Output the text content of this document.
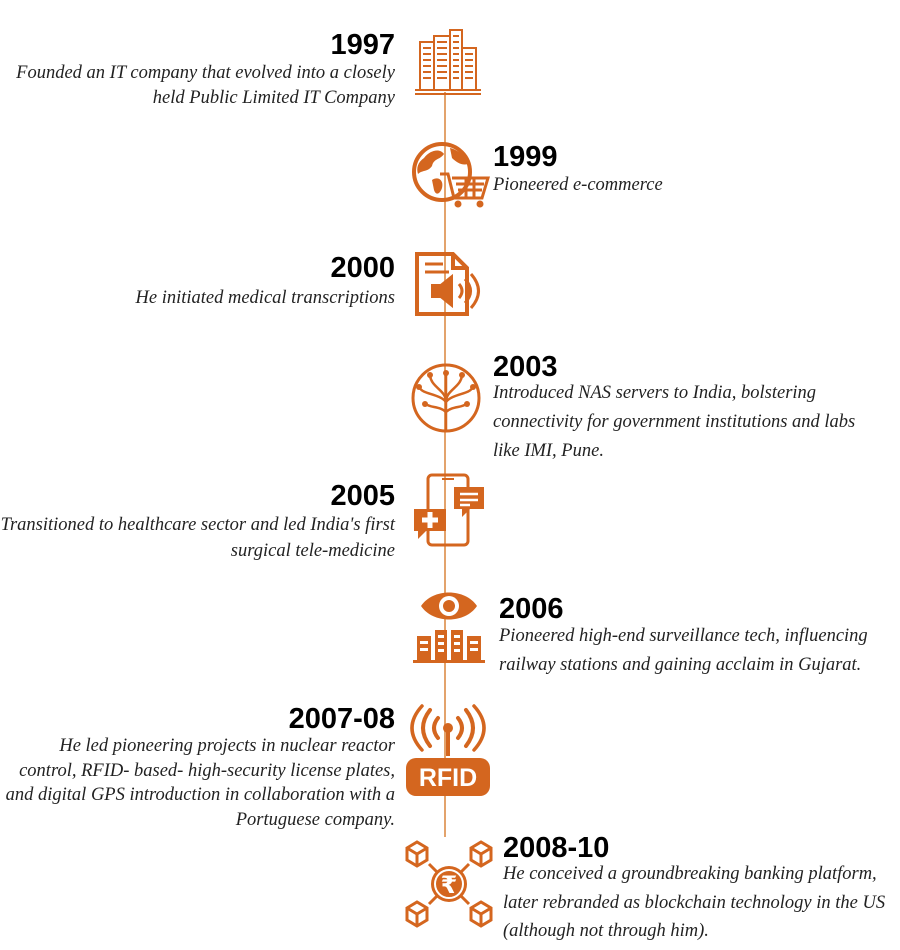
1997
Founded an IT company that evolved into a closely held Public Limited IT Company
1999
Pioneered e-commerce
2000
He initiated medical transcriptions
2003
Introduced NAS servers to India, bolstering connectivity for government institutions and labs like IMI, Pune.
2005
Transitioned to healthcare sector and led India's first surgical tele-medicine
2006
Pioneered high-end surveillance tech, influencing railway stations and gaining acclaim in Gujarat.
RFID
2007-08
He led pioneering projects in nuclear reactor control, RFID- based- high-security license plates, and digital GPS introduction in collaboration with a Portuguese company.
₹
2008-10
He conceived a groundbreaking banking platform, later rebranded as blockchain technology in the US (although not through him).
